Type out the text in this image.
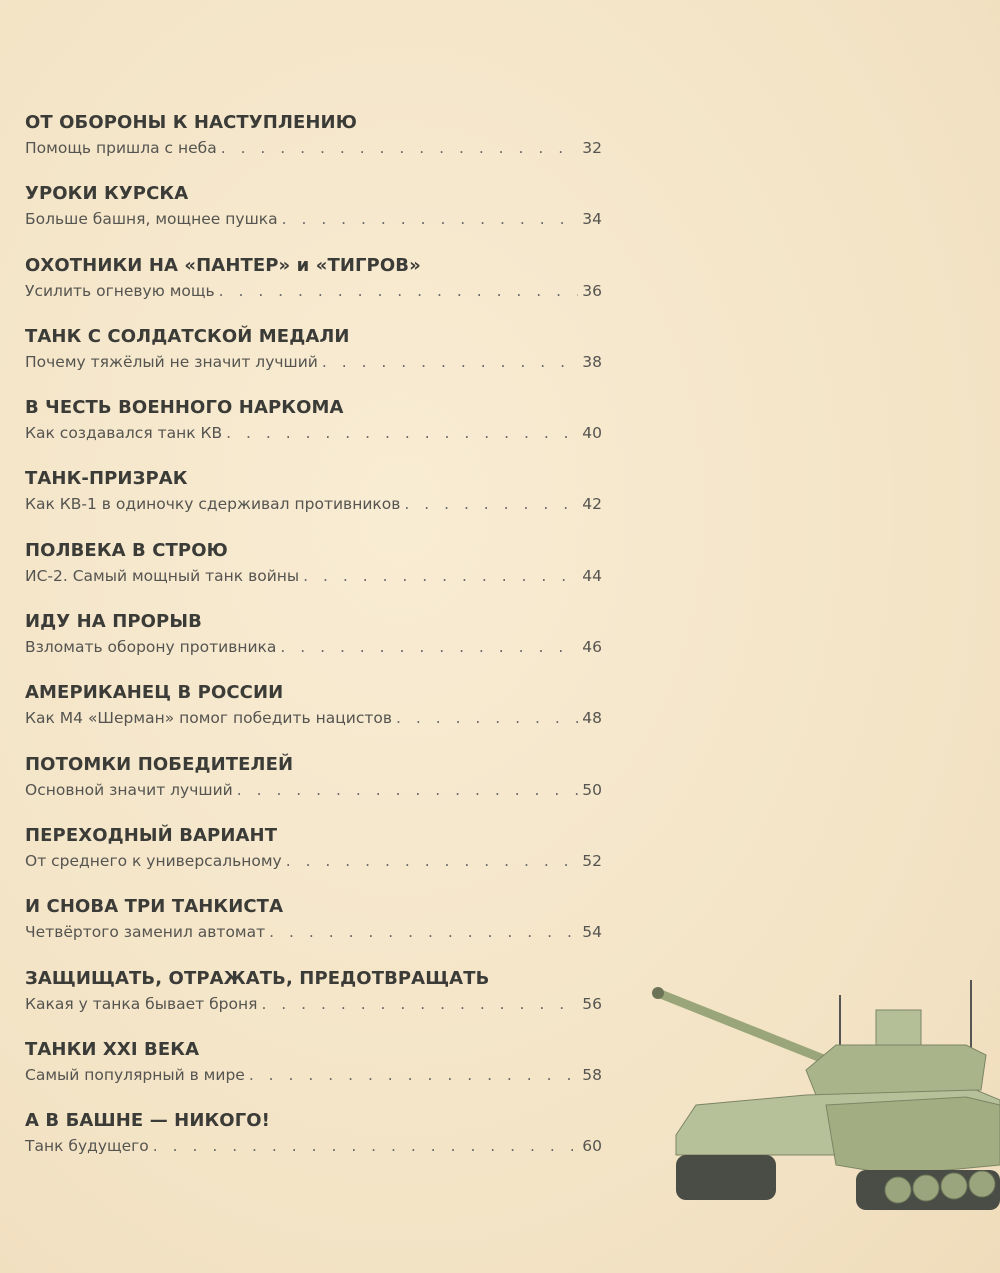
ОТ ОБОРОНЫ К НАСТУПЛЕНИЮ
Помощь пришла с неба . . .	32
УРОКИ КУРСКА
Больше башня, мощнее пушка . . .	34
ОХОТНИКИ НА «ПАНТЕР» и «ТИГРОВ»
Усилить огневую мощь . . .	36
ТАНК С СОЛДАТСКОЙ МЕДАЛИ
Почему тяжёлый не значит лучший . . .	38
В ЧЕСТЬ ВОЕННОГО НАРКОМА
Как создавался танк КВ . . .	40
ТАНК-ПРИЗРАК
Как КВ-1 в одиночку сдерживал противников . . .	42
ПОЛВЕКА В СТРОЮ
ИС-2. Самый мощный танк войны . . .	44
ИДУ НА ПРОРЫВ
Взломать оборону противника . . .	46
АМЕРИКАНЕЦ В РОССИИ
Как М4 «Шерман» помог победить нацистов . . .	48
ПОТОМКИ ПОБЕДИТЕЛЕЙ
Основной значит лучший . . .	50
ПЕРЕХОДНЫЙ ВАРИАНТ
От среднего к универсальному . . .	52
И СНОВА ТРИ ТАНКИСТА
Четвёртого заменил автомат . . .	54
ЗАЩИЩАТЬ, ОТРАЖАТЬ, ПРЕДОТВРАЩАТЬ
Какая у танка бывает броня . . .	56
ТАНКИ XXI ВЕКА
Самый популярный в мире . . .	58
А В БАШНЕ — НИКОГО!
Танк будущего . . .	60
